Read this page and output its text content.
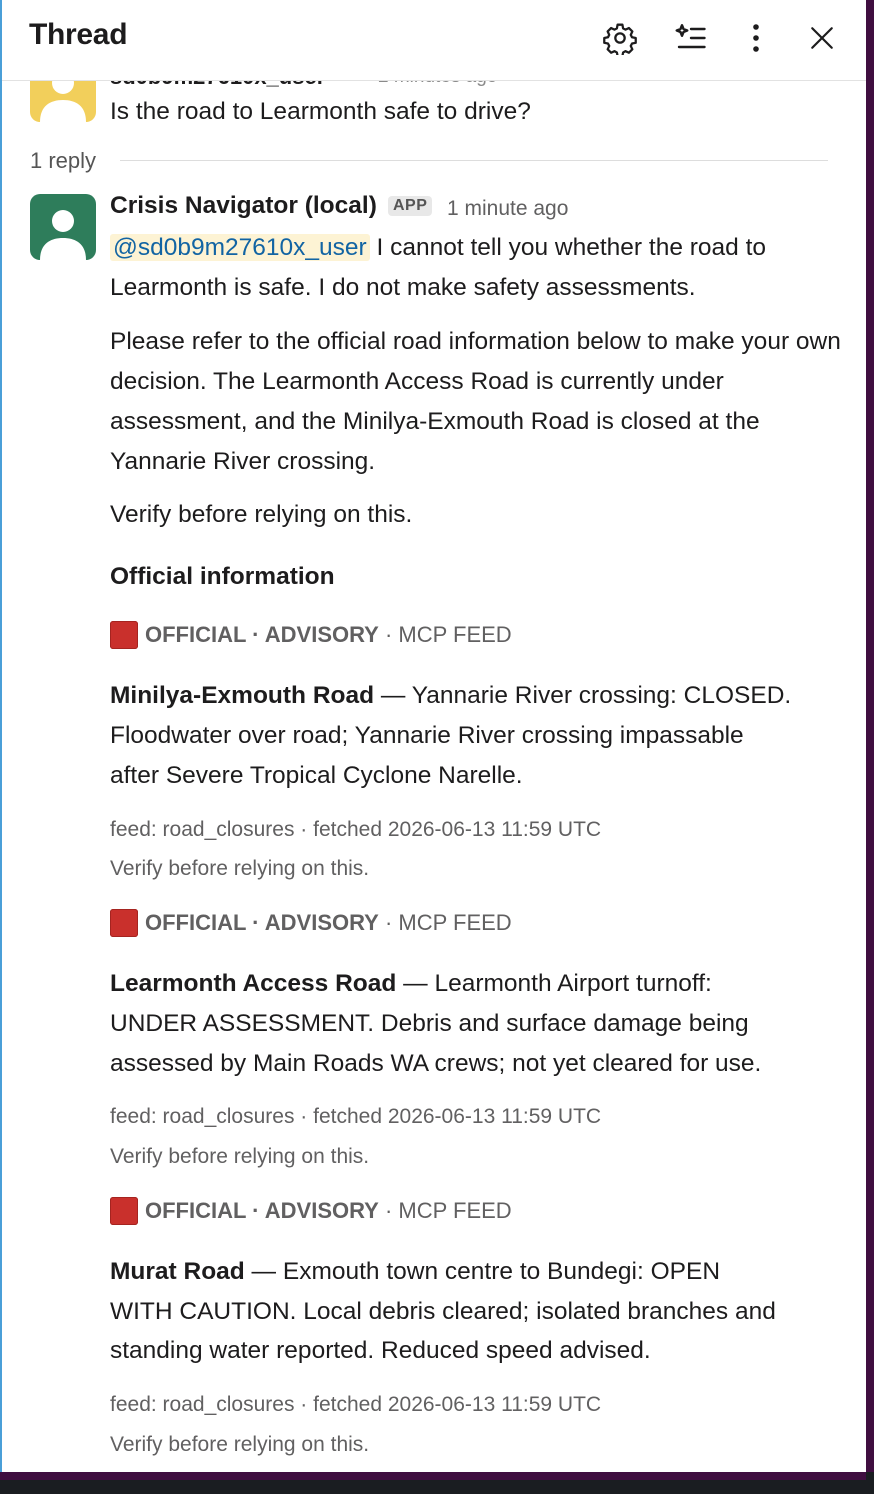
Thread
Is the road to Learmonth safe to drive?
1 reply
Crisis Navigator (local)	APP 1 minute ago
@sd0b9m27610x_user I cannot tell you whether the road to Learmonth is safe. I do not make safety assessments.
Please refer to the official road information below to make your own decision. The Learmonth Access Road is currently under assessment, and the Minilya-Exmouth Road is closed at the Yannarie River crossing.
Verify before relying on this.
Official information
OFFICIAL · ADVISORY
· MCP FEED
Minilya-Exmouth Road — Yannarie River crossing: CLOSED.
Floodwater over road; Yannarie River crossing impassable
after Severe Tropical Cyclone Narelle.
feed: road_closures · fetched 2026-06-13 11:59 UTC
Verify before relying on this.
OFFICIAL · ADVISORY
· MCP FEED
Learmonth Access Road — Learmonth Airport turnoff:
UNDER ASSESSMENT. Debris and surface damage being
assessed by Main Roads WA crews; not yet cleared for use.
feed: road_closures · fetched 2026-06-13 11:59 UTC
Verify before relying on this.
OFFICIAL · ADVISORY
· MCP FEED
Murat Road — Exmouth town centre to Bundegi: OPEN
WITH CAUTION. Local debris cleared; isolated branches and
standing water reported. Reduced speed advised.
feed: road_closures · fetched 2026-06-13 11:59 UTC
Verify before relying on this.
